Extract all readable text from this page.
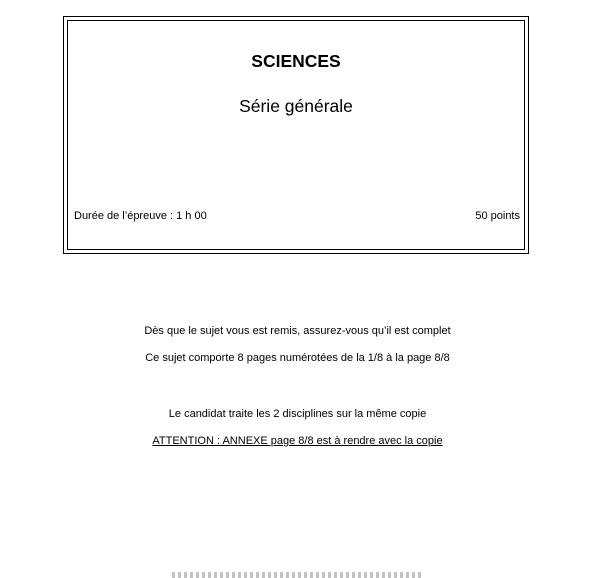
SCIENCES
Série générale
Durée de l’épreuve : 1 h 00	50 points
Dès que le sujet vous est remis, assurez-vous qu’il est complet
Ce sujet comporte 8 pages numérotées de la 1/8 à la page 8/8
Le candidat traite les 2 disciplines sur la même copie
ATTENTION : ANNEXE page 8/8 est à rendre avec la copie
